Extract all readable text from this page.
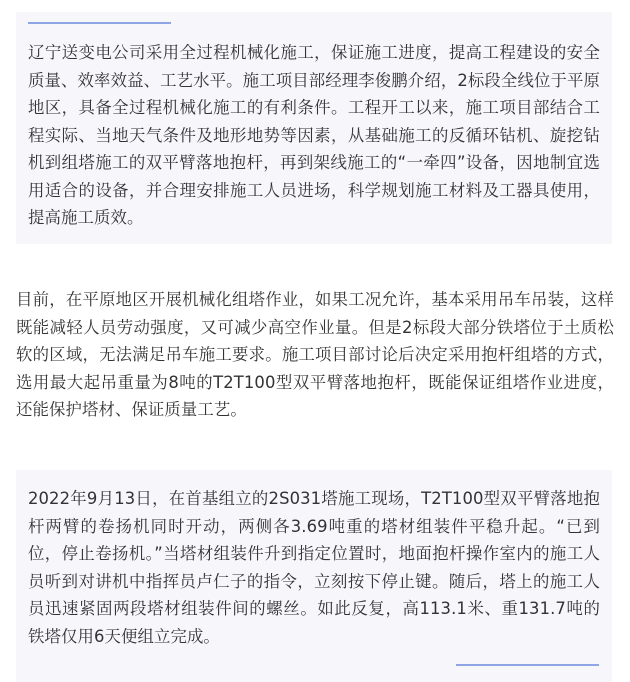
辽宁送变电公司采用全过程机械化施工，保证施工进度，提高工程建设的安全质量、效率效益、工艺水平。施工项目部经理李俊鹏介绍，2标段全线位于平原地区，具备全过程机械化施工的有利条件。工程开工以来，施工项目部结合工程实际、当地天气条件及地形地势等因素，从基础施工的反循环钻机、旋挖钻机到组塔施工的双平臂落地抱杆，再到架线施工的“一牵四”设备，因地制宜选用适合的设备，并合理安排施工人员进场，科学规划施工材料及工器具使用，提高施工质效。

目前，在平原地区开展机械化组塔作业，如果工况允许，基本采用吊车吊装，这样既能减轻人员劳动强度，又可减少高空作业量。但是2标段大部分铁塔位于土质松软的区域，无法满足吊车施工要求。施工项目部讨论后决定采用抱杆组塔的方式，选用最大起吊重量为8吨的T2T100型双平臂落地抱杆，既能保证组塔作业进度，还能保护塔材、保证质量工艺。

2022年9月13日，在首基组立的2S031塔施工现场，T2T100型双平臂落地抱杆两臂的卷扬机同时开动，两侧各3.69吨重的塔材组装件平稳升起。“已到位，停止卷扬机。”当塔材组装件升到指定位置时，地面抱杆操作室内的施工人员听到对讲机中指挥员卢仁子的指令，立刻按下停止键。随后，塔上的施工人员迅速紧固两段塔材组装件间的螺丝。如此反复，高113.1米、重131.7吨的铁塔仅用6天便组立完成。
